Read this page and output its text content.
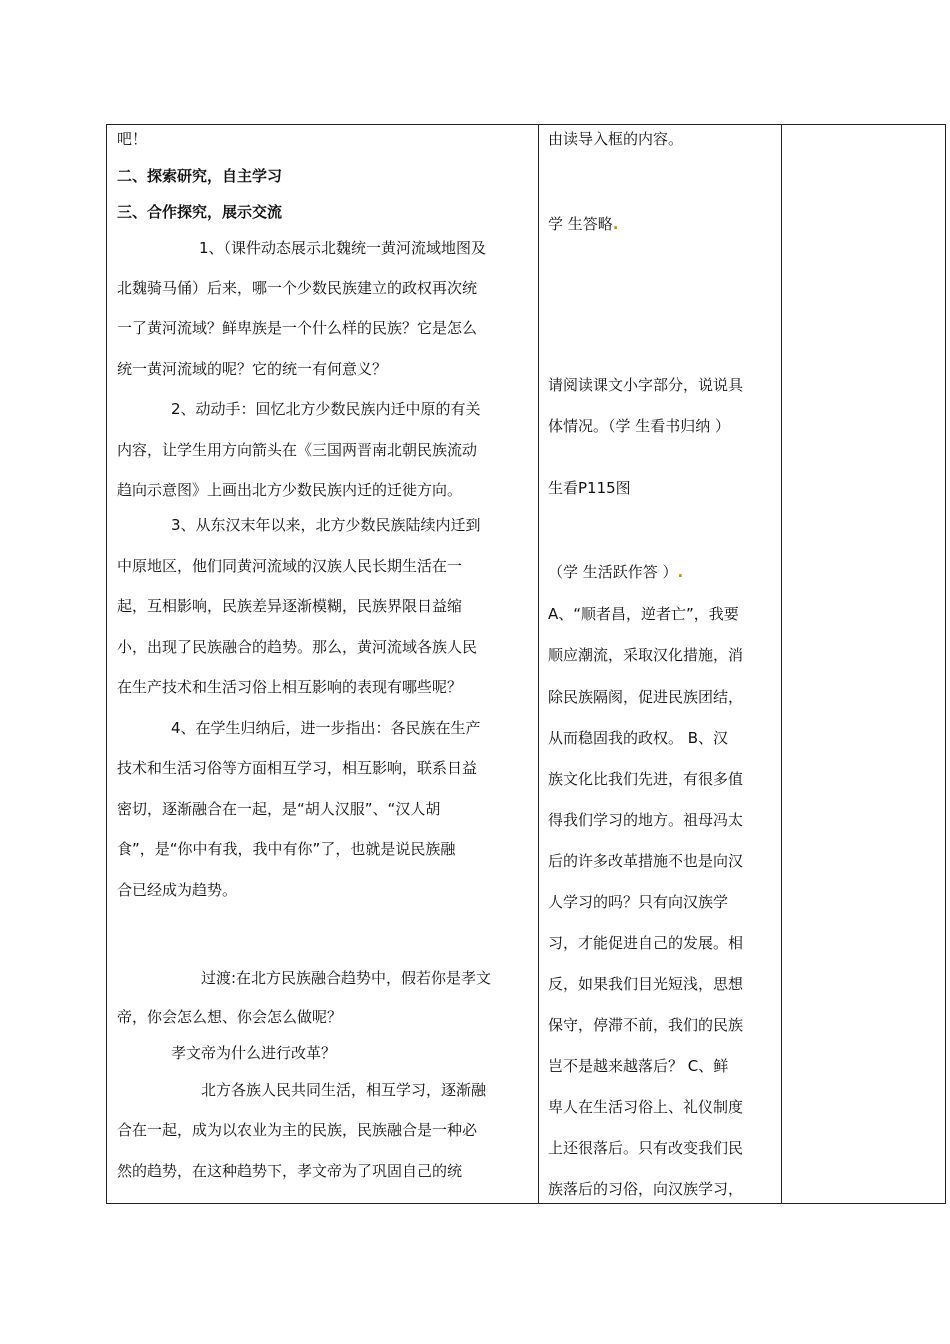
吧！
二、探索研究，自主学习
三、合作探究，展示交流
1、（课件动态展示北魏统一黄河流域地图及
北魏骑马俑）后来，哪一个少数民族建立的政权再次统
一了黄河流域？鲜卑族是一个什么样的民族？它是怎么
统一黄河流域的呢？它的统一有何意义？
2、动动手：回忆北方少数民族内迁中原的有关
内容，让学生用方向箭头在《三国两晋南北朝民族流动
趋向示意图》上画出北方少数民族内迁的迁徙方向。
3、从东汉末年以来，北方少数民族陆续内迁到
中原地区，他们同黄河流域的汉族人民长期生活在一
起，互相影响，民族差异逐渐模糊，民族界限日益缩
小，出现了民族融合的趋势。那么，黄河流域各族人民
在生产技术和生活习俗上相互影响的表现有哪些呢？
4、在学生归纳后，进一步指出：各民族在生产
技术和生活习俗等方面相互学习，相互影响，联系日益
密切，逐渐融合在一起，是“胡人汉服”、“汉人胡
食”，是“你中有我，我中有你”了，也就是说民族融
合已经成为趋势。
过渡:在北方民族融合趋势中，假若你是孝文
帝，你会怎么想、你会怎么做呢？
孝文帝为什么进行改革？
北方各族人民共同生活，相互学习，逐渐融
合在一起，成为以农业为主的民族，民族融合是一种必
然的趋势，在这种趋势下，孝文帝为了巩固自己的统
由读导入框的内容。
学 生答略.
请阅读课文小字部分，说说具
体情况。（学 生看书归纳 ）
生看P115图
（学 生活跃作答 ）.
A、“顺者昌，逆者亡”，我要
顺应潮流，采取汉化措施，消
除民族隔阂，促进民族团结，
从而稳固我的政权。 B、汉
族文化比我们先进，有很多值
得我们学习的地方。祖母冯太
后的许多改革措施不也是向汉
人学习的吗？只有向汉族学
习，才能促进自己的发展。相
反，如果我们目光短浅，思想
保守，停滞不前，我们的民族
岂不是越来越落后？ C、鲜
卑人在生活习俗上、礼仪制度
上还很落后。只有改变我们民
族落后的习俗，向汉族学习，
